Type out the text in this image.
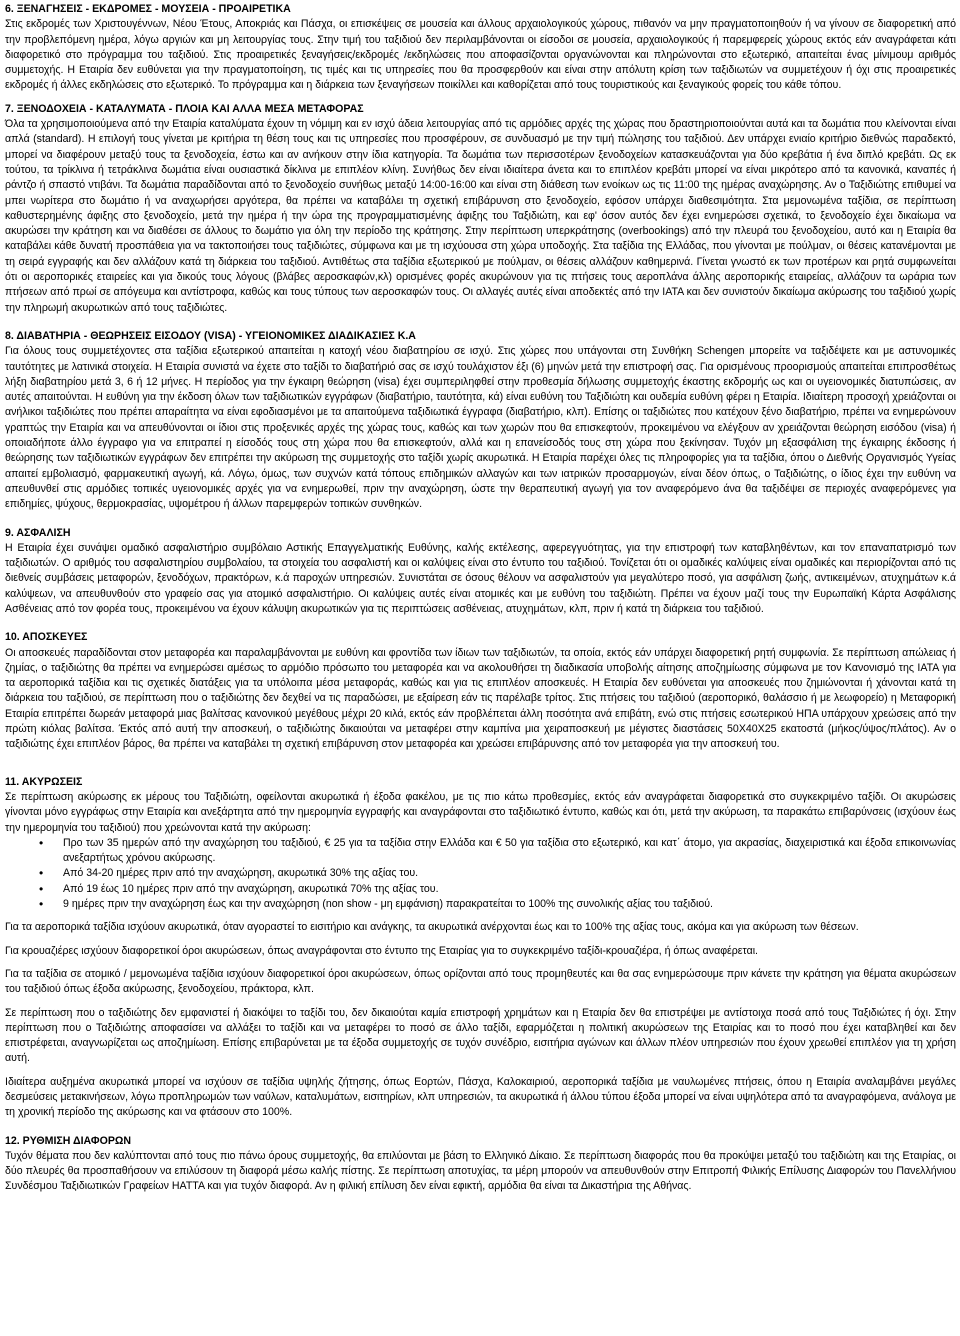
6. ΞΕΝΑΓΗΣΕΙΣ - ΕΚΔΡΟΜΕΣ - ΜΟΥΣΕΙΑ - ΠΡΟΑΙΡΕΤΙΚΑ

Στις εκδρομές των Χριστουγέννων, Νέου Έτους, Αποκριάς και Πάσχα, οι επισκέψεις σε μουσεία και άλλους αρχαιολογικούς χώρους, πιθανόν να μην πραγματοποιηθούν ή να γίνουν σε διαφορετική από την προβλεπόμενη ημέρα, λόγω αργιών και μη λειτουργίας τους. Στην τιμή του ταξιδιού δεν περιλαμβάνονται οι είσοδοι σε μουσεία, αρχαιολογικούς ή παρεμφερείς χώρους εκτός εάν αναγράφεται κάτι διαφορετικό στο πρόγραμμα του ταξιδιού. Στις προαιρετικές ξεναγήσεις/εκδρομές /εκδηλώσεις που αποφασίζονται οργανώνονται και πληρώνονται στο εξωτερικό, απαιτείται ένας μίνιμουμ αριθμός συμμετοχής. Η Εταιρία δεν ευθύνεται για την πραγματοποίηση, τις τιμές και τις υπηρεσίες που θα προσφερθούν και είναι στην απόλυτη κρίση των ταξιδιωτών να συμμετέχουν ή όχι στις προαιρετικές εκδρομές ή άλλες εκδηλώσεις στο εξωτερικό. Το πρόγραμμα και η διάρκεια των ξεναγήσεων ποικίλλει και καθορίζεται από τους τουριστικούς και ξεναγικούς φορείς του κάθε τόπου.

7. ΞΕΝΟΔΟΧΕΙΑ - ΚΑΤΑΛΥΜΑΤΑ - ΠΛΟΙΑ ΚΑΙ ΑΛΛΑ ΜΕΣΑ ΜΕΤΑΦΟΡΑΣ

Όλα τα χρησιμοποιούμενα από την Εταιρία καταλύματα έχουν τη νόμιμη και εν ισχύ άδεια λειτουργίας από τις αρμόδιες αρχές της χώρας που δραστηριοποιούνται αυτά και τα δωμάτια που κλείνονται είναι απλά (standard). Η επιλογή τους γίνεται με κριτήρια τη θέση τους και τις υπηρεσίες που προσφέρουν, σε συνδυασμό με την τιμή πώλησης του ταξιδιού. Δεν υπάρχει ενιαίο κριτήριο διεθνώς παραδεκτό, μπορεί να διαφέρουν μεταξύ τους τα ξενοδοχεία, έστω και αν ανήκουν στην ίδια κατηγορία. Τα δωμάτια των περισσοτέρων ξενοδοχείων κατασκευάζονται για δύο κρεβάτια ή ένα διπλό κρεβάτι. Ως εκ τούτου, τα τρίκλινα ή τετράκλινα δωμάτια είναι ουσιαστικά δίκλινα με επιπλέον κλίνη. Συνήθως δεν είναι ιδιαίτερα άνετα και το επιπλέον κρεβάτι μπορεί να είναι μικρότερο από τα κανονικά, καναπές ή ράντζο ή σπαστό ντιβάνι. Τα δωμάτια παραδίδονται από το ξενοδοχείο συνήθως μεταξύ 14:00-16:00 και είναι στη διάθεση των ενοίκων ως τις 11:00 της ημέρας αναχώρησης. Αν ο Ταξιδιώτης επιθυμεί να μπει νωρίτερα στο δωμάτιο ή να αναχωρήσει αργότερα, θα πρέπει να καταβάλει τη σχετική επιβάρυνση στο ξενοδοχείο, εφόσον υπάρχει διαθεσιμότητα. Στα μεμονωμένα ταξίδια, σε περίπτωση καθυστερημένης άφιξης στο ξενοδοχείο, μετά την ημέρα ή την ώρα της προγραμματισμένης άφιξης του Ταξιδιώτη, και εφ' όσον αυτός δεν έχει ενημερώσει σχετικά, το ξενοδοχείο έχει δικαίωμα να ακυρώσει την κράτηση και να διαθέσει σε άλλους το δωμάτιο για όλη την περίοδο της κράτησης. Στην περίπτωση υπερκράτησης (overbookings) από την πλευρά του ξενοδοχείου, αυτό και η Εταιρία θα καταβάλει κάθε δυνατή προσπάθεια για να τακτοποιήσει τους ταξιδιώτες, σύμφωνα και με τη ισχύουσα στη χώρα υποδοχής. Στα ταξίδια της Ελλάδας, που γίνονται με πούλμαν, οι θέσεις κατανέμονται με τη σειρά εγγραφής και δεν αλλάζουν κατά τη διάρκεια του ταξιδιού. Αντιθέτως στα ταξίδια εξωτερικού με πούλμαν, οι θέσεις αλλάζουν καθημερινά. Γίνεται γνωστό εκ των προτέρων και ρητά συμφωνείται ότι οι αεροπορικές εταιρείες και για δικούς τους λόγους (βλάβες αεροσκαφών,κλ) ορισμένες φορές ακυρώνουν για τις πτήσεις τους αεροπλάνα άλλης αεροπορικής εταιρείας, αλλάζουν τα ωράρια των πτήσεων από πρωί σε απόγευμα και αντίστροφα, καθώς και τους τύπους των αεροσκαφών τους. Οι αλλαγές αυτές είναι αποδεκτές από την ΙΑΤΑ και δεν συνιστούν δικαίωμα ακύρωσης του ταξιδιού χωρίς την πληρωμή ακυρωτικών από τους ταξιδιώτες.

8. ΔΙΑΒΑΤΗΡΙΑ - ΘΕΩΡΗΣΕΙΣ ΕΙΣΟΔΟΥ (VISA) - ΥΓΕΙΟΝΟΜΙΚΕΣ ΔΙΑΔΙΚΑΣΙΕΣ Κ.Α

Για όλους τους συμμετέχοντες στα ταξίδια εξωτερικού απαιτείται η κατοχή νέου διαβατηρίου σε ισχύ. Στις χώρες που υπάγονται στη Συνθήκη Schengen μπορείτε να ταξιδέψετε και με αστυνομικές ταυτότητες με λατινικά στοιχεία. Η Εταιρία συνιστά να έχετε στο ταξίδι το διαβατήριό σας σε ισχύ τουλάχιστον έξι (6) μηνών μετά την επιστροφή σας. Για ορισμένους προορισμούς απαιτείται επιπροσθέτως λήξη διαβατηρίου μετά 3, 6 ή 12 μήνες. Η περίοδος για την έγκαιρη θεώρηση (visa) έχει συμπεριληφθεί στην προθεσμία δήλωσης συμμετοχής έκαστης εκδρομής ως και οι υγειονομικές διατυπώσεις, αν αυτές απαιτούνται. Η ευθύνη για την έκδοση όλων των ταξιδιωτικών εγγράφων (διαβατήριο, ταυτότητα, κά) είναι ευθύνη του Ταξιδιώτη και ουδεμία ευθύνη φέρει η Εταιρία. Ιδιαίτερη προσοχή χρειάζονται οι ανήλικοι ταξιδιώτες που πρέπει απαραίτητα να είναι εφοδιασμένοι με τα απαιτούμενα ταξιδιωτικά έγγραφα (διαβατήριο, κλπ). Επίσης οι ταξιδιώτες που κατέχουν ξένο διαβατήριο, πρέπει να ενημερώνουν γραπτώς την Εταιρία και να απευθύνονται οι ίδιοι στις προξενικές αρχές της χώρας τους, καθώς και των χωρών που θα επισκεφτούν, προκειμένου να ελέγξουν αν χρειάζονται θεώρηση εισόδου (visa) ή οποιαδήποτε άλλο έγγραφο για να επιτραπεί η είσοδός τους στη χώρα που θα επισκεφτούν, αλλά και η επανείσοδός τους στη χώρα που ξεκίνησαν. Τυχόν μη εξασφάλιση της έγκαιρης έκδοσης ή θεώρησης των ταξιδιωτικών εγγράφων δεν επιτρέπει την ακύρωση της συμμετοχής στο ταξίδι χωρίς ακυρωτικά. Η Εταιρία παρέχει όλες τις πληροφορίες για τα ταξίδια, όπου ο Διεθνής Οργανισμός Υγείας απαιτεί εμβολιασμό, φαρμακευτική αγωγή, κά. Λόγω, όμως, των συχνών κατά τόπους επιδημικών αλλαγών και των ιατρικών προσαρμογών, είναι δέον όπως, ο Ταξιδιώτης, ο ίδιος έχει την ευθύνη να απευθυνθεί στις αρμόδιες τοπικές υγειονομικές αρχές για να ενημερωθεί, πριν την αναχώρηση, ώστε την θεραπευτική αγωγή για τον αναφερόμενο άνα θα ταξιδέψει σε περιοχές αναφερόμενες για επιδημίες, ψύχους, θερμοκρασίας, υψομέτρου ή άλλων παρεμφερών τοπικών συνθηκών.

9. ΑΣΦΑΛΙΣΗ

Η Εταιρία έχει συνάψει ομαδικό ασφαλιστήριο συμβόλαιο Αστικής Επαγγελματικής Ευθύνης, καλής εκτέλεσης, αφερεγγυότητας, για την επιστροφή των καταβληθέντων, και τον επαναπατρισμό των ταξιδιωτών. Ο αριθμός του ασφαλιστηρίου συμβολαίου, τα στοιχεία του ασφαλιστή και οι καλύψεις είναι στο έντυπο του ταξιδιού. Τονίζεται ότι οι ομαδικές καλύψεις είναι ομαδικές και περιορίζονται από τις διεθνείς συμβάσεις μεταφορών, ξενοδόχων, πρακτόρων, κ.ά παροχών υπηρεσιών. Συνιστάται σε όσους θέλουν να ασφαλιστούν για μεγαλύτερο ποσό, για ασφάλιση ζωής, αντικειμένων, ατυχημάτων κ.ά καλύψεων, να απευθυνθούν στο γραφείο σας για ατομικό ασφαλιστήριο. Οι καλύψεις αυτές είναι ατομικές και με ευθύνη του ταξιδιώτη. Πρέπει να έχουν μαζί τους την Ευρωπαϊκή Κάρτα Ασφάλισης Ασθένειας από τον φορέα τους, προκειμένου να έχουν κάλυψη ακυρωτικών για τις περιπτώσεις ασθένειας, ατυχημάτων, κλπ, πριν ή κατά τη διάρκεια του ταξιδιού.

10. ΑΠΟΣΚΕΥΕΣ

Οι αποσκευές παραδίδονται στον μεταφορέα και παραλαμβάνονται με ευθύνη και φροντίδα των ίδιων των ταξιδιωτών, τα οποία, εκτός εάν υπάρχει διαφορετική ρητή συμφωνία. Σε περίπτωση απώλειας ή ζημίας, ο ταξιδιώτης θα πρέπει να ενημερώσει αμέσως το αρμόδιο πρόσωπο του μεταφορέα και να ακολουθήσει τη διαδικασία υποβολής αίτησης αποζημίωσης σύμφωνα με τον Κανονισμό της ΙΑΤΑ για τα αεροπορικά ταξίδια και τις σχετικές διατάξεις για τα υπόλοιπα μέσα μεταφοράς, καθώς και για τις επιπλέον αποσκευές. Η Εταιρία δεν ευθύνεται για αποσκευές που ζημιώνονται ή χάνονται κατά τη διάρκεια του ταξιδιού, σε περίπτωση που ο ταξιδιώτης δεν δεχθεί να τις παραδώσει, με εξαίρεση εάν τις παρέλαβε τρίτος. Στις πτήσεις του ταξιδιού (αεροπορικό, θαλάσσιο ή με λεωφορείο) η Μεταφορική Εταιρία επιτρέπει δωρεάν μεταφορά μιας βαλίτσας κανονικού μεγέθους μέχρι 20 κιλά, εκτός εάν προβλέπεται άλλη ποσότητα ανά επιβάτη, ενώ στις πτήσεις εσωτερικού ΗΠΑ υπάρχουν χρεώσεις από την πρώτη κιόλας βαλίτσα. Έκτός από αυτή την αποσκευή, ο ταξιδιώτης δικαιούται να μεταφέρει στην καμπίνα μια χειραποσκευή με μέγιστες διαστάσεις 50Χ40Χ25 εκατοστά (μήκος/ύψος/πλάτος). Αν ο ταξιδιώτης έχει επιπλέον βάρος, θα πρέπει να καταβάλει τη σχετική επιβάρυνση στον μεταφορέα και χρεώσει επιβάρυνσης από τον μεταφορέα για την αποσκευή του.

11. ΑΚΥΡΩΣΕΙΣ

Σε περίπτωση ακύρωσης εκ μέρους του Ταξιδιώτη, οφείλονται ακυρωτικά ή έξοδα φακέλου, με τις πιο κάτω προθεσμίες, εκτός εάν αναγράφεται διαφορετικά στο συγκεκριμένο ταξίδι. Οι ακυρώσεις γίνονται μόνο εγγράφως στην Εταιρία και ανεξάρτητα από την ημερομηνία εγγραφής και αναγράφονται στο ταξιδιωτικό έντυπο, καθώς και ότι, μετά την ακύρωση, τα παρακάτω επιβαρύνσεις (ισχύουν έως την ημερομηνία του ταξιδιού) που χρεώνονται κατά την ακύρωση:

• Προ των 35 ημερών από την αναχώρηση του ταξιδιού, € 25 για τα ταξίδια στην Ελλάδα και € 50 για ταξίδια στο εξωτερικό, και κατ΄ άτομο, για ακρασίας, διαχειριστικά και έξοδα επικοινωνίας ανεξαρτήτως χρόνου ακύρωσης.
• Από 34-20 ημέρες πριν από την αναχώρηση, ακυρωτικά 30% της αξίας του.
• Από 19 έως 10 ημέρες πριν από την αναχώρηση, ακυρωτικά 70% της αξίας του.
• 9 ημέρες πριν την αναχώρηση έως και την αναχώρηση (non show - μη εμφάνιση) παρακρατείται το 100% της συνολικής αξίας του ταξιδιού.

Για τα αεροπορικά ταξίδια ισχύουν ακυρωτικά, όταν αγοραστεί το εισιτήριο και ανάγκης, τα ακυρωτικά ανέρχονται έως και το 100% της αξίας τους, ακόμα και για ακύρωση των θέσεων.

Για κρουαζιέρες ισχύουν διαφορετικοί όροι ακυρώσεων, όπως αναγράφονται στο έντυπο της Εταιρίας για το συγκεκριμένο ταξίδι-κρουαζιέρα, ή όπως αναφέρεται.

Για τα ταξίδια σε ατομικό / μεμονωμένα ταξίδια ισχύουν διαφορετικοί όροι ακυρώσεων, όπως ορίζονται από τους προμηθευτές και θα σας ενημερώσουμε πριν κάνετε την κράτηση για θέματα ακυρώσεων του ταξιδιού όπως έξοδα ακύρωσης, ξενοδοχείου, πράκτορα, κλπ.

Σε περίπτωση που ο ταξιδιώτης δεν εμφανιστεί ή διακόψει το ταξίδι του, δεν δικαιούται καμία επιστροφή χρημάτων και η Εταιρία δεν θα επιστρέψει με αντίστοιχα ποσά από τους Ταξιδιώτες ή όχι. Στην περίπτωση που ο Ταξιδιώτης αποφασίσει να αλλάξει το ταξίδι και να μεταφέρει το ποσό σε άλλο ταξίδι, εφαρμόζεται η πολιτική ακυρώσεων της Εταιρίας και το ποσό που έχει καταβληθεί και δεν επιστρέφεται, αναγνωρίζεται ως αποζημίωση. Επίσης επιβαρύνεται με τα έξοδα συμμετοχής σε τυχόν συνέδριο, εισιτήρια αγώνων και άλλων πλέον υπηρεσιών που έχουν χρεωθεί επιπλέον για τη χρήση αυτή.

Ιδιαίτερα αυξημένα ακυρωτικά μπορεί να ισχύουν σε ταξίδια υψηλής ζήτησης, όπως Εορτών, Πάσχα, Καλοκαιριού, αεροπορικά ταξίδια με ναυλωμένες πτήσεις, όπου η Εταιρία αναλαμβάνει μεγάλες δεσμεύσεις μετακινήσεων, λόγω προπληρωμών των ναύλων, καταλυμάτων, εισιτηρίων, κλπ υπηρεσιών, τα ακυρωτικά ή άλλου τύπου έξοδα μπορεί να είναι υψηλότερα από τα αναγραφόμενα, ανάλογα με τη χρονική περίοδο της ακύρωσης και να φτάσουν στο 100%.

12. ΡΥΘΜΙΣΗ ΔΙΑΦΟΡΩΝ

Τυχόν θέματα που δεν καλύπτονται από τους πιο πάνω όρους συμμετοχής, θα επιλύονται με βάση το Ελληνικό Δίκαιο. Σε περίπτωση διαφοράς που θα προκύψει μεταξύ του ταξιδιώτη και της Εταιρίας, οι δύο πλευρές θα προσπαθήσουν να επιλύσουν τη διαφορά μέσω καλής πίστης. Σε περίπτωση αποτυχίας, τα μέρη μπορούν να απευθυνθούν στην Επιτροπή Φιλικής Επίλυσης Διαφορών του Πανελλήνιου Συνδέσμου Ταξιδιωτικών Γραφείων ΗΑΤΤΑ και για τυχόν διαφορά. Αν η φιλική επίλυση δεν είναι εφικτή, αρμόδια θα είναι τα Δικαστήρια της Αθήνας.
